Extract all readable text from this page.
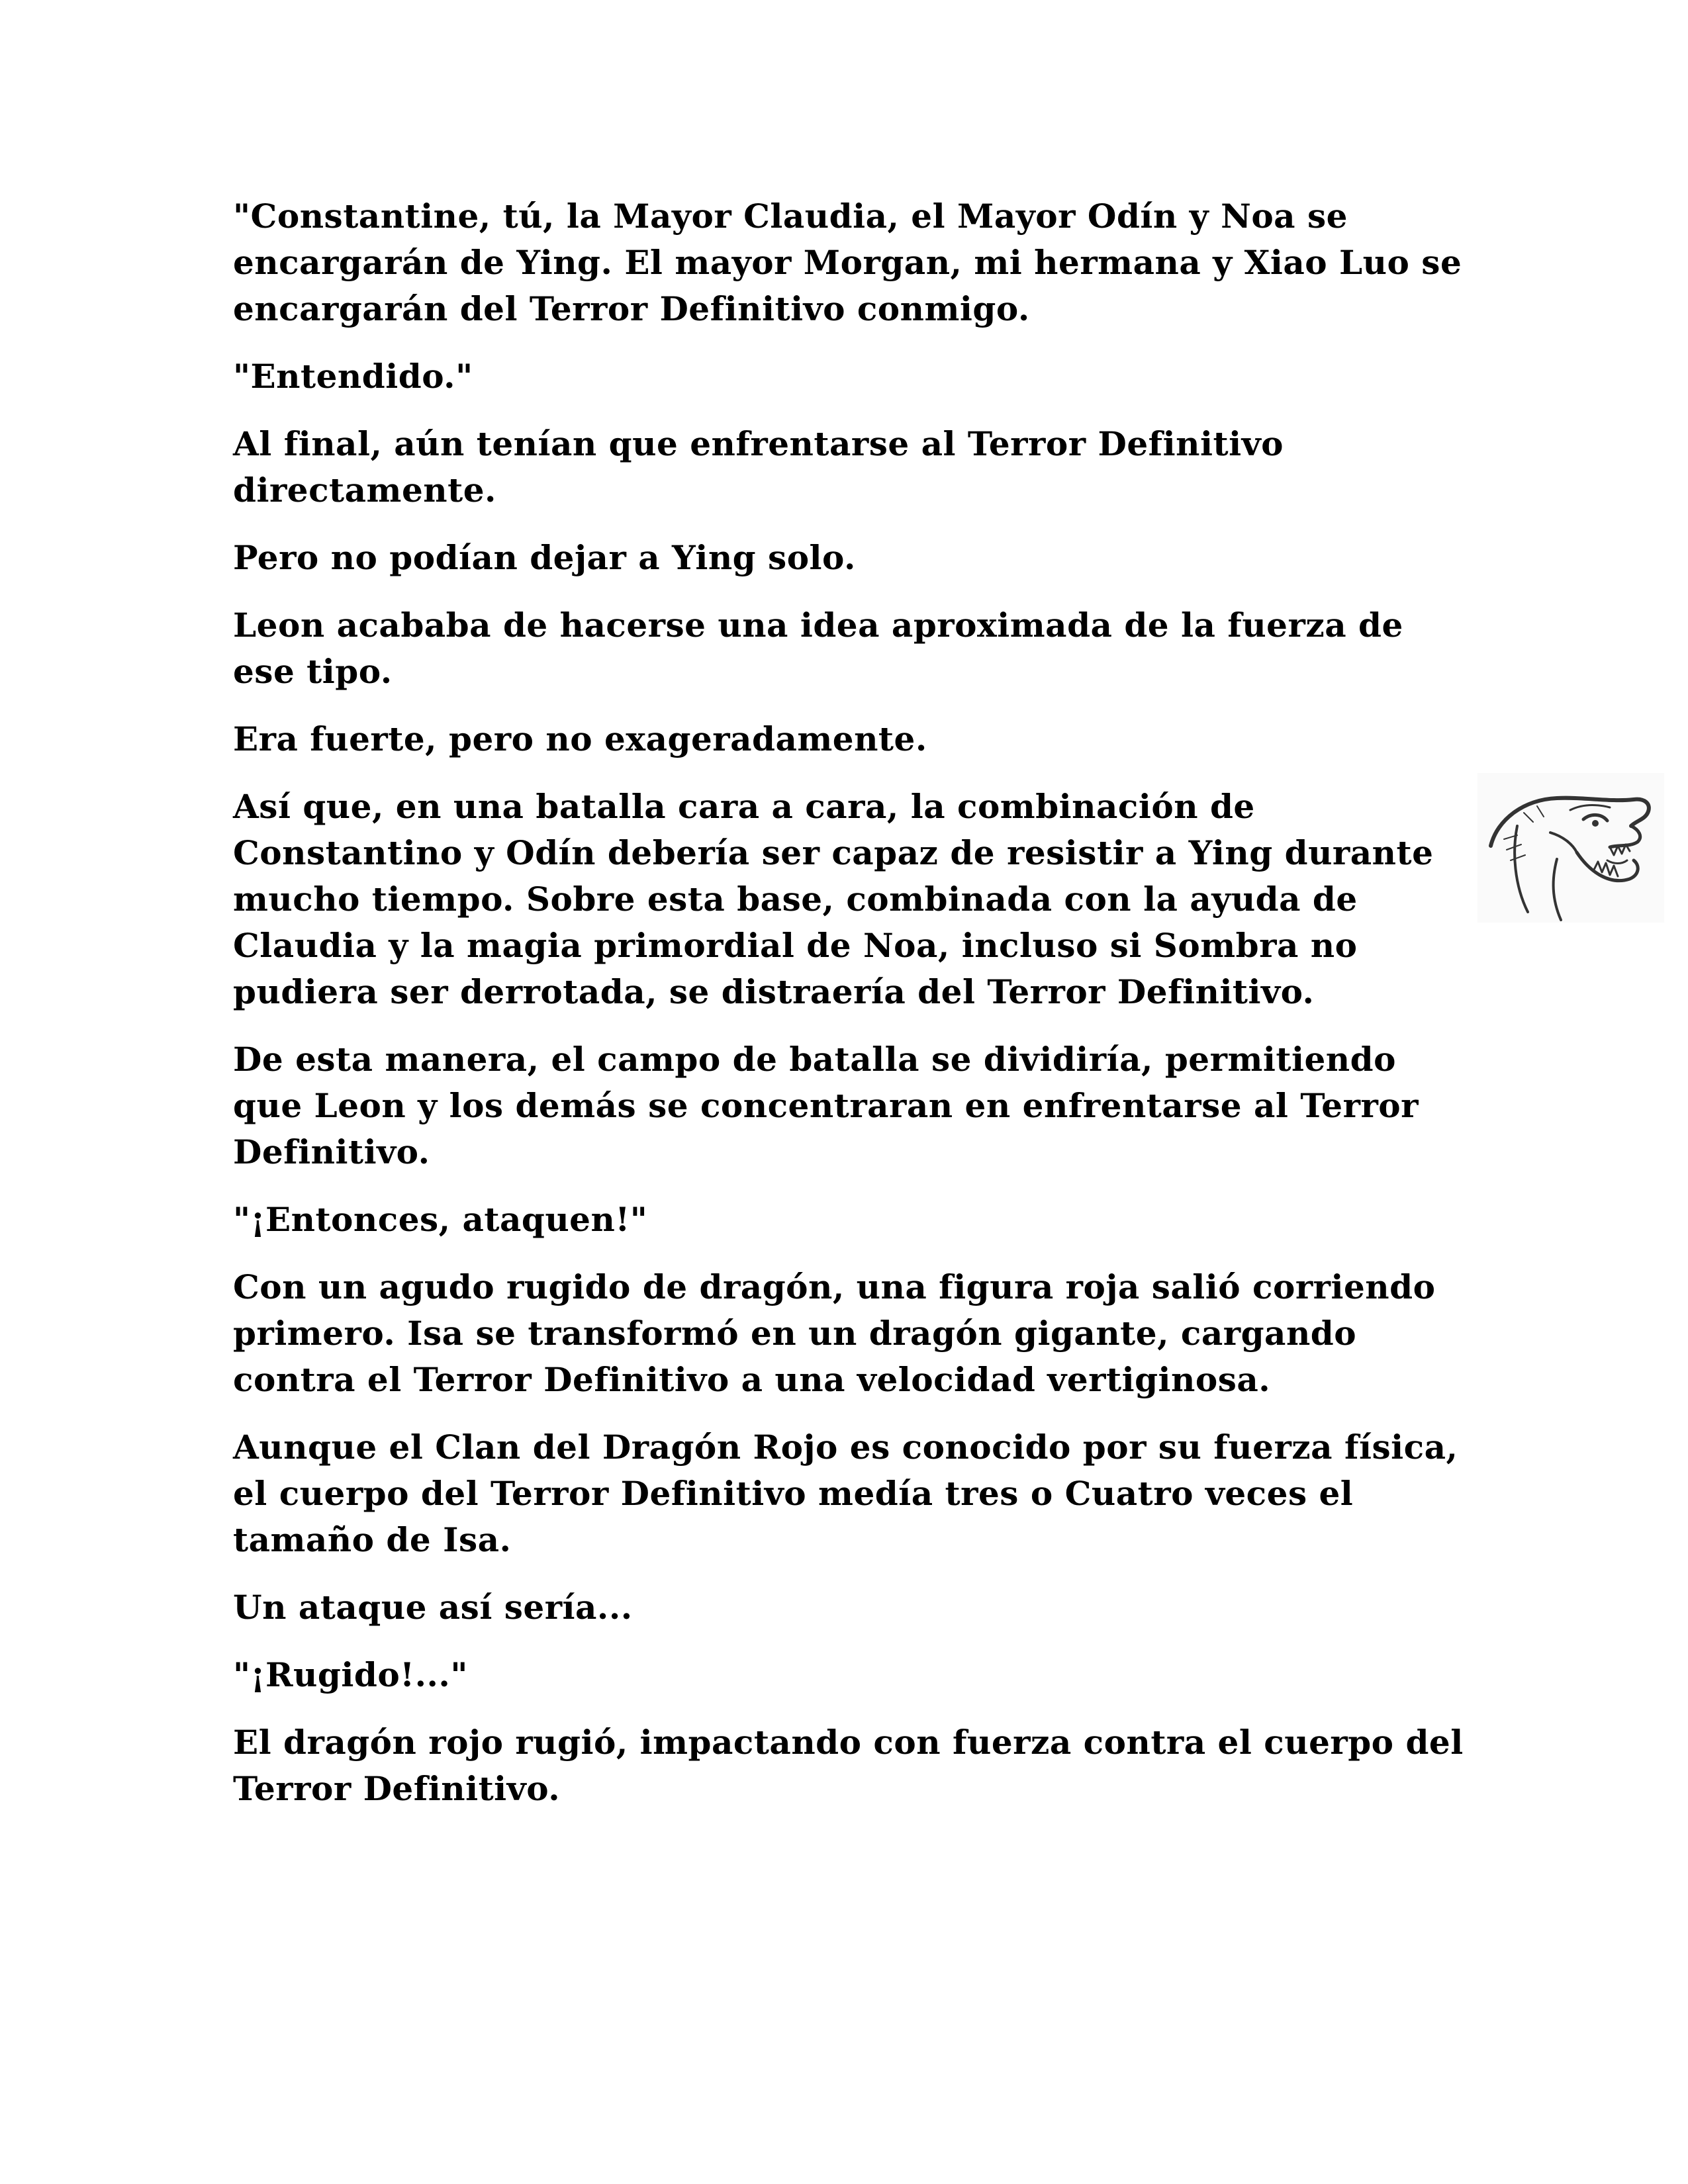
"Constantine, tú, la Mayor Claudia, el Mayor Odín y Noa se encargarán de Ying. El mayor Morgan, mi hermana y Xiao Luo se encargarán del Terror Definitivo conmigo.

"Entendido."

Al final, aún tenían que enfrentarse al Terror Definitivo directamente.

Pero no podían dejar a Ying solo.

Leon acababa de hacerse una idea aproximada de la fuerza de ese tipo.

Era fuerte, pero no exageradamente.

Así que, en una batalla cara a cara, la combinación de Constantino y Odín debería ser capaz de resistir a Ying durante mucho tiempo. Sobre esta base, combinada con la ayuda de Claudia y la magia primordial de Noa, incluso si Sombra no pudiera ser derrotada, se distraería del Terror Definitivo.

De esta manera, el campo de batalla se dividiría, permitiendo que Leon y los demás se concentraran en enfrentarse al Terror Definitivo.

"¡Entonces, ataquen!"

Con un agudo rugido de dragón, una figura roja salió corriendo primero. Isa se transformó en un dragón gigante, cargando contra el Terror Definitivo a una velocidad vertiginosa.

Aunque el Clan del Dragón Rojo es conocido por su fuerza física, el cuerpo del Terror Definitivo medía tres o Cuatro veces el tamaño de Isa.

Un ataque así sería...

"¡Rugido!..."

El dragón rojo rugió, impactando con fuerza contra el cuerpo del Terror Definitivo.
